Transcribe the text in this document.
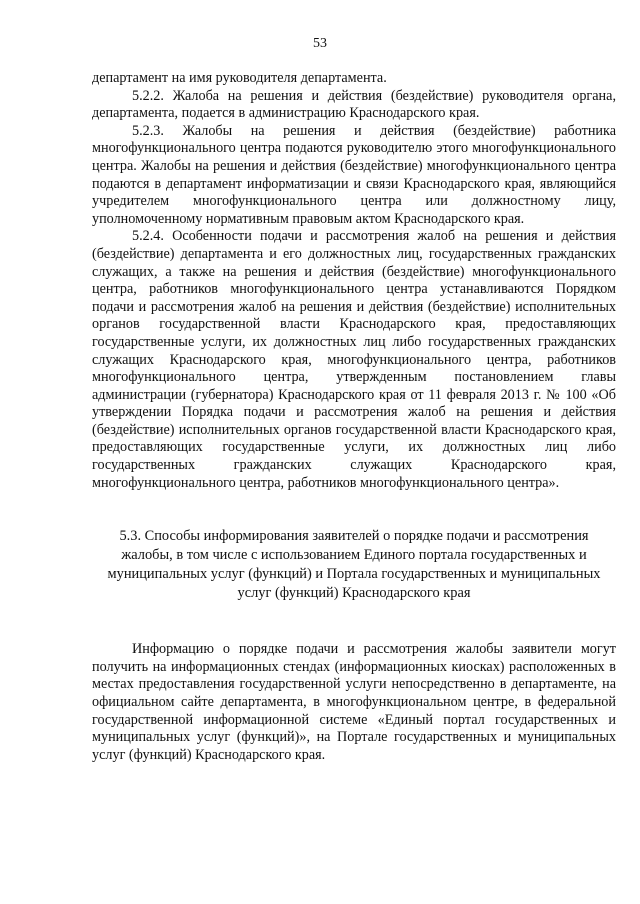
53

департамент на имя руководителя департамента.

5.2.2. Жалоба на решения и действия (бездействие) руководителя органа, департамента, подается в администрацию Краснодарского края.

5.2.3. Жалобы на решения и действия (бездействие) работника многофункционального центра подаются руководителю этого многофункционального центра. Жалобы на решения и действия (бездействие) многофункционального центра подаются в департамент информатизации и связи Краснодарского края, являющийся учредителем многофункционального центра или должностному лицу, уполномоченному нормативным правовым актом Краснодарского края.

5.2.4. Особенности подачи и рассмотрения жалоб на решения и действия (бездействие) департамента и его должностных лиц, государственных гражданских служащих, а также на решения и действия (бездействие) многофункционального центра, работников многофункционального центра устанавливаются Порядком подачи и рассмотрения жалоб на решения и действия (бездействие) исполнительных органов государственной власти Краснодарского края, предоставляющих государственные услуги, их должностных лиц либо государственных гражданских служащих Краснодарского края, многофункционального центра, работников многофункционального центра, утвержденным постановлением главы администрации (губернатора) Краснодарского края от 11 февраля 2013 г. № 100 «Об утверждении Порядка подачи и рассмотрения жалоб на решения и действия (бездействие) исполнительных органов государственной власти Краснодарского края, предоставляющих государственные услуги, их должностных лиц либо государственных гражданских служащих Краснодарского края, многофункционального центра, работников многофункционального центра».

5.3. Способы информирования заявителей о порядке подачи и рассмотрения жалобы, в том числе с использованием Единого портала государственных и муниципальных услуг (функций) и Портала государственных и муниципальных услуг (функций) Краснодарского края

Информацию о порядке подачи и рассмотрения жалобы заявители могут получить на информационных стендах (информационных киосках) расположенных в местах предоставления государственной услуги непосредственно в департаменте, на официальном сайте департамента, в многофункциональном центре, в федеральной государственной информационной системе «Единый портал государственных и муниципальных услуг (функций)», на Портале государственных и муниципальных услуг (функций) Краснодарского края.
